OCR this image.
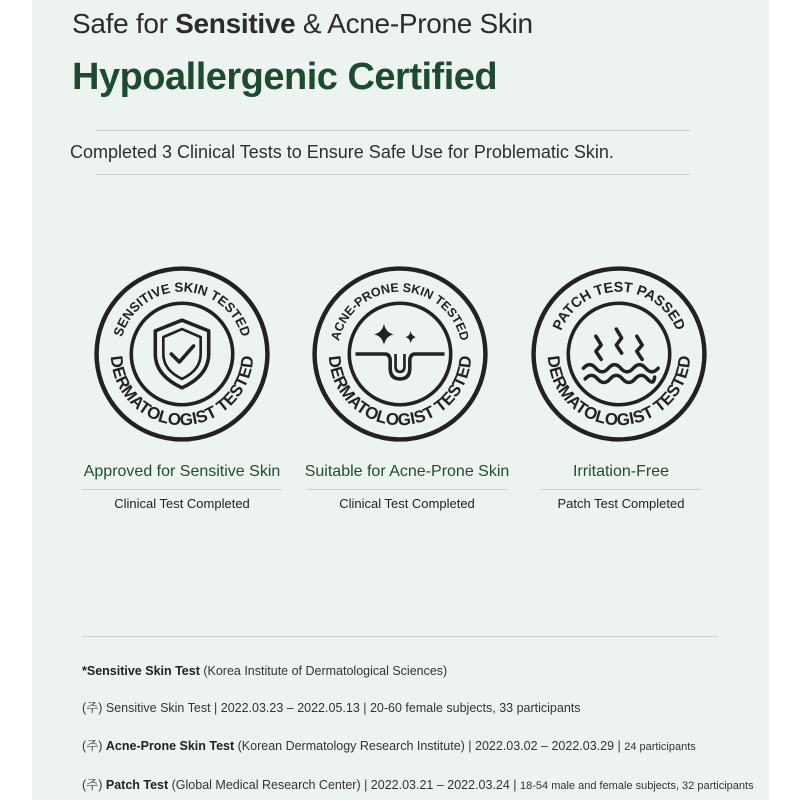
Safe for Sensitive & Acne-Prone Skin
Hypoallergenic Certified

Completed 3 Clinical Tests to Ensure Safe Use for Problematic Skin.

SENSITIVE SKIN TESTED
DERMATOLOGIST TESTED
ACNE-PRONE SKIN TESTED
DERMATOLOGIST TESTED
PATCH TEST PASSED
DERMATOLOGIST TESTED

Approved for Sensitive Skin

Clinical Test Completed

Suitable for Acne-Prone Skin

Clinical Test Completed

Irritation-Free

Patch Test Completed

*Sensitive Skin Test (Korea Institute of Dermatological Sciences)

(주) Sensitive Skin Test | 2022.03.23 – 2022.05.13 | 20-60 female subjects, 33 participants

(주) Acne-Prone Skin Test (Korean Dermatology Research Institute) | 2022.03.02 – 2022.03.29 | 24 participants

(주) Patch Test (Global Medical Research Center) | 2022.03.21 – 2022.03.24 | 18-54 male and female subjects, 32 participants
